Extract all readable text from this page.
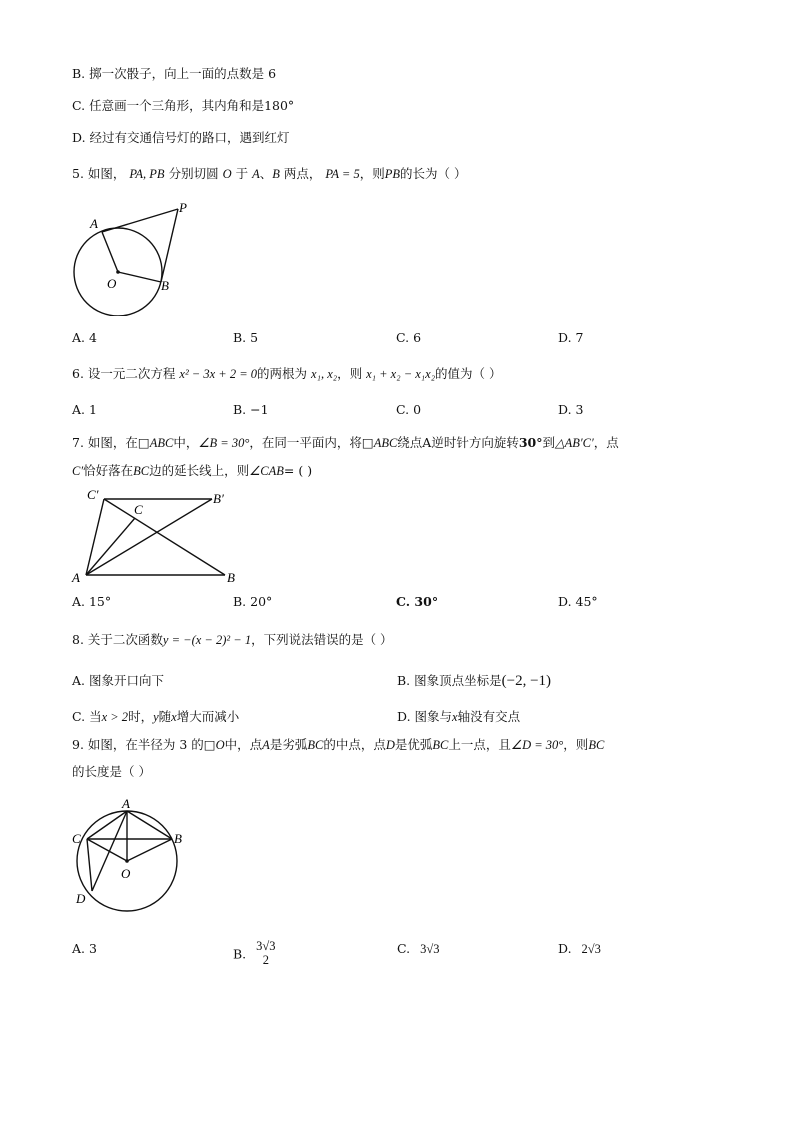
B. 掷一次骰子，向上一面的点数是 6
C. 任意画一个三角形，其内角和是180°
D. 经过有交通信号灯的路口，遇到红灯
5. 如图， PA, PB 分别切圆 O 于 A、B 两点， PA = 5，则PB的长为（ ）
A
P
O	B
A. 4	B. 5	C. 6	D. 7
6. 设一元二次方程 x² − 3x + 2 = 0的两根为 x₁, x₂，则 x₁ + x₂ − x₁x₂的值为（ ）
A. 1	B. −1	C. 0	D. 3
7. 如图，在□ABC中，∠B = 30°，在同一平面内，将□ABC绕点A逆时针方向旋转30°到△AB′C′，点
C′恰好落在BC边的延长线上，则∠CAB= ( )
C′
C
B′
A	B
A. 15°	B. 20°	C. 30°	D. 45°
8. 关于二次函数y = −(x − 2)² − 1，下列说法错误的是（ ）
A. 图象开口向下	B. 图象顶点坐标是(−2, −1)
C. 当x > 2时，y随x增大而减小	D. 图象与x轴没有交点
9. 如图，在半径为 3 的□O中，点A是劣弧BC的中点，点D是优弧BC上一点，且∠D = 30°，则BC
的长度是（ ）
A
C	B
O
D
A. 3	B.
3√3
2
C. 3√3	D. 2√3
